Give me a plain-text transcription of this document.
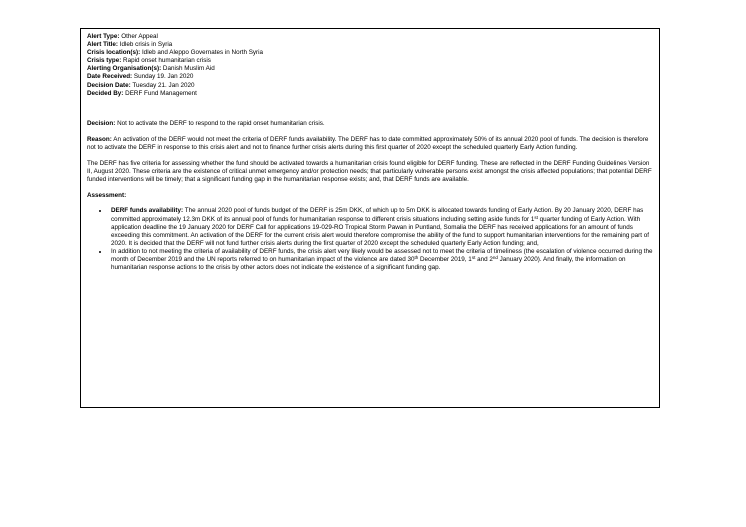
Alert Type: Other Appeal
Alert Title: Idleb crisis in Syria
Crisis location(s): Idleb and Aleppo Governates in North Syria
Crisis type: Rapid onset humanitarian crisis
Alerting Organisation(s): Danish Muslim Aid
Date Received: Sunday 19. Jan 2020
Decision Date: Tuesday 21. Jan 2020
Decided By: DERF Fund Management

Decision: Not to activate the DERF to respond to the rapid onset humanitarian crisis.

Reason: An activation of the DERF would not meet the criteria of DERF funds availability. The DERF has to date committed approximately 50% of its annual 2020 pool of funds. The decision is therefore not to activate the DERF in response to this crisis alert and not to finance further crisis alerts during this first quarter of 2020 except the scheduled quarterly Early Action funding.

The DERF has five criteria for assessing whether the fund should be activated towards a humanitarian crisis found eligible for DERF funding. These are reflected in the DERF Funding Guidelines Version II, August 2020. These criteria are the existence of critical unmet emergency and/or protection needs; that particularly vulnerable persons exist amongst the crisis affected populations; that potential DERF funded interventions will be timely; that a significant funding gap in the humanitarian response exists; and, that DERF funds are available.

Assessment:

• DERF funds availability: The annual 2020 pool of funds budget of the DERF is 25m DKK, of which up to 5m DKK is allocated towards funding of Early Action. By 20 January 2020, DERF has committed approximately 12.3m DKK of its annual pool of funds for humanitarian response to different crisis situations including setting aside funds for 1st quarter funding of Early Action. With application deadline the 19 January 2020 for DERF Call for applications 19-029-RO Tropical Storm Pawan in Puntland, Somalia the DERF has received applications for an amount of funds exceeding this commitment. An activation of the DERF for the current crisis alert would therefore compromise the ability of the fund to support humanitarian interventions for the remaining part of 2020. It is decided that the DERF will not fund further crisis alerts during the first quarter of 2020 except the scheduled quarterly Early Action funding; and,
• In addition to not meeting the criteria of availability of DERF funds, the crisis alert very likely would be assessed not to meet the criteria of timeliness (the escalation of violence occurred during the month of December 2019 and the UN reports referred to on humanitarian impact of the violence are dated 30th December 2019, 1st and 2nd January 2020). And finally, the information on humanitarian response actions to the crisis by other actors does not indicate the existence of a significant funding gap.
